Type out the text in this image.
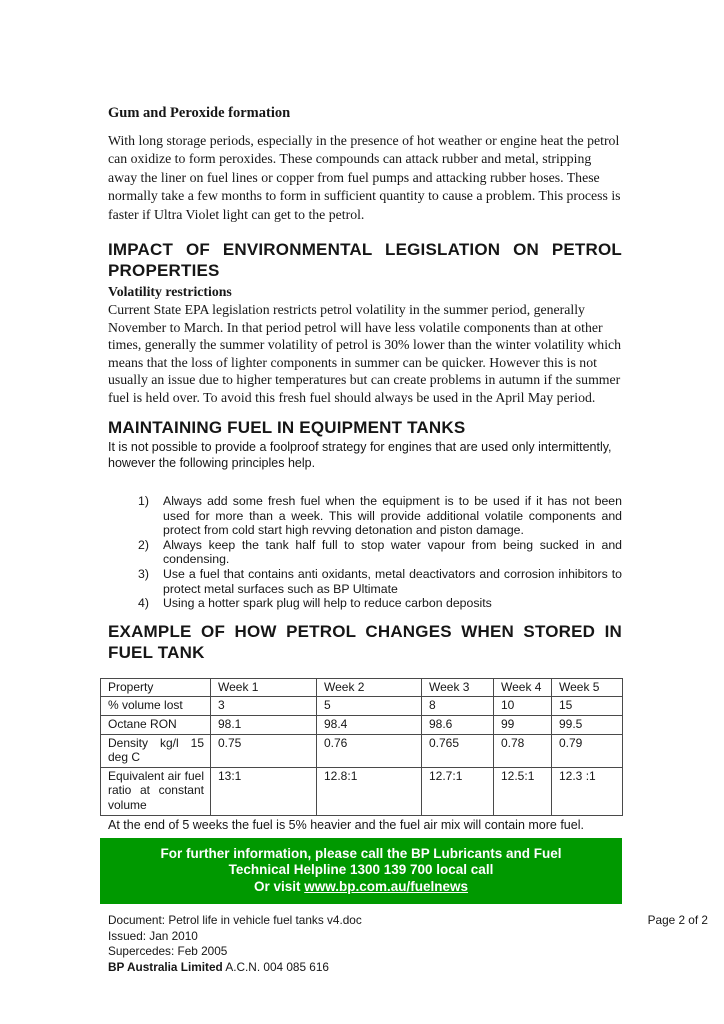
Gum and Peroxide formation

With long storage periods, especially in the presence of hot weather or engine heat the petrol can oxidize to form peroxides. These compounds can attack rubber and metal, stripping away the liner on fuel lines or copper from fuel pumps and attacking rubber hoses. These normally take a few months to form in sufficient quantity to cause a problem. This process is faster if Ultra Violet light can get to the petrol.

IMPACT OF ENVIRONMENTAL LEGISLATION ON PETROL PROPERTIES
Volatility restrictions

Current State EPA legislation restricts petrol volatility in the summer period, generally November to March. In that period petrol will have less volatile components than at other times, generally the summer volatility of petrol is 30% lower than the winter volatility which means that the loss of lighter components in summer can be quicker. However this is not usually an issue due to higher temperatures but can create problems in autumn if the summer fuel is held over. To avoid this fresh fuel should always be used in the April May period.

MAINTAINING FUEL IN EQUIPMENT TANKS

It is not possible to provide a foolproof strategy for engines that are used only intermittently, however the following principles help.

1) Always add some fresh fuel when the equipment is to be used if it has not been used for more than a week. This will provide additional volatile components and protect from cold start high revving detonation and piston damage.
2) Always keep the tank half full to stop water vapour from being sucked in and condensing.
3) Use a fuel that contains anti oxidants, metal deactivators and corrosion inhibitors to protect metal surfaces such as BP Ultimate
4) Using a hotter spark plug will help to reduce carbon deposits
EXAMPLE OF HOW PETROL CHANGES WHEN STORED IN FUEL TANK
Property	Week 1	Week 2	Week 3	Week 4	Week 5
% volume lost	3	5	8	10	15
Octane RON	98.1	98.4	98.6	99	99.5
Density kg/l 15 deg C	0.75	0.76	0.765	0.78	0.79
Equivalent air fuel ratio at constant volume	13:1	12.8:1	12.7:1	12.5:1	12.3 :1

At the end of 5 weeks the fuel is 5% heavier and the fuel air mix will contain more fuel.

For further information, please call the BP Lubricants and Fuel
Technical Helpline 1300 139 700 local call
Or visit www.bp.com.au/fuelnews
Document: Petrol life in vehicle fuel tanks v4.doc
Issued: Jan 2010
Supercedes: Feb 2005
BP Australia Limited A.C.N. 004 085 616
Page 2 of 2
